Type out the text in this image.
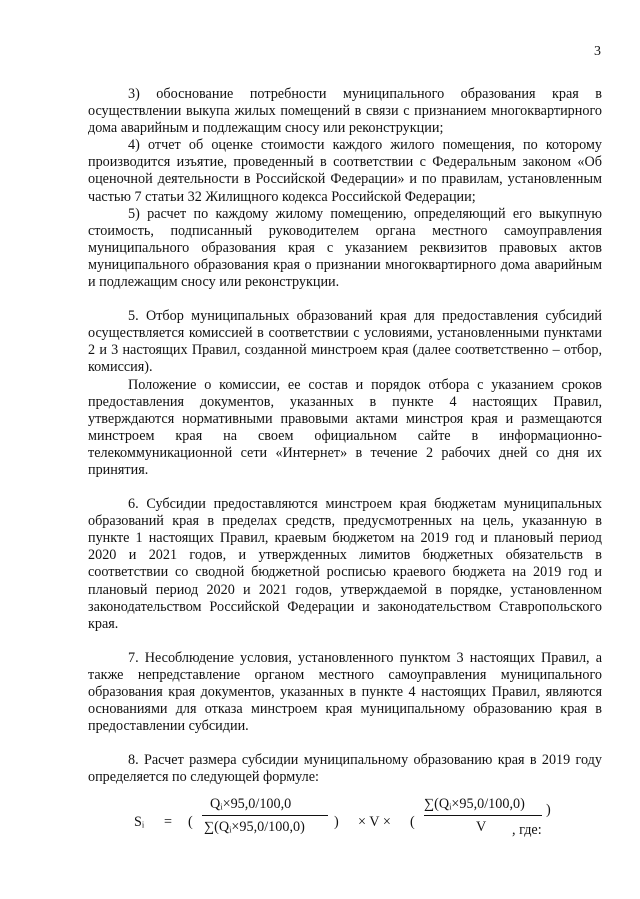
3

3) обоснование потребности муниципального образования края в осуществлении выкупа жилых помещений в связи с признанием многоквартирного дома аварийным и подлежащим сносу или реконструкции;

4) отчет об оценке стоимости каждого жилого помещения, по которому производится изъятие, проведенный в соответствии с Федеральным законом «Об оценочной деятельности в Российской Федерации» и по правилам, установленным частью 7 статьи 32 Жилищного кодекса Российской Федерации;

5) расчет по каждому жилому помещению, определяющий его выкупную стоимость, подписанный руководителем органа местного самоуправления муниципального образования края с указанием реквизитов правовых актов муниципального образования края о признании многоквартирного дома аварийным и подлежащим сносу или реконструкции.

5. Отбор муниципальных образований края для предоставления субсидий осуществляется комиссией в соответствии с условиями, установленными пунктами 2 и 3 настоящих Правил, созданной минстроем края (далее соответственно – отбор, комиссия).

Положение о комиссии, ее состав и порядок отбора с указанием сроков предоставления документов, указанных в пункте 4 настоящих Правил, утверждаются нормативными правовыми актами минстроя края и размещаются минстроем края на своем официальном сайте в информационно-телекоммуникационной сети «Интернет» в течение 2 рабочих дней со дня их принятия.

6. Субсидии предоставляются минстроем края бюджетам муниципальных образований края в пределах средств, предусмотренных на цель, указанную в пункте 1 настоящих Правил, краевым бюджетом на 2019 год и плановый период 2020 и 2021 годов, и утвержденных лимитов бюджетных обязательств в соответствии со сводной бюджетной росписью краевого бюджета на 2019 год и плановый период 2020 и 2021 годов, утверждаемой в порядке, установленном законодательством Российской Федерации и законодательством Ставропольского края.

7. Несоблюдение условия, установленного пунктом 3 настоящих Правил, а также непредставление органом местного самоуправления муниципального образования края документов, указанных в пункте 4 настоящих Правил, являются основаниями для отказа минстроем края муниципальному образованию края в предоставлении субсидии.

8. Расчет размера субсидии муниципальному образованию края в 2019 году определяется по следующей формуле:

Sᵢ = (
Qᵢ×95,0/100,0
∑(Qᵢ×95,0/100,0) ) × V × (
∑(Qᵢ×95,0/100,0)
V
)
, где:
